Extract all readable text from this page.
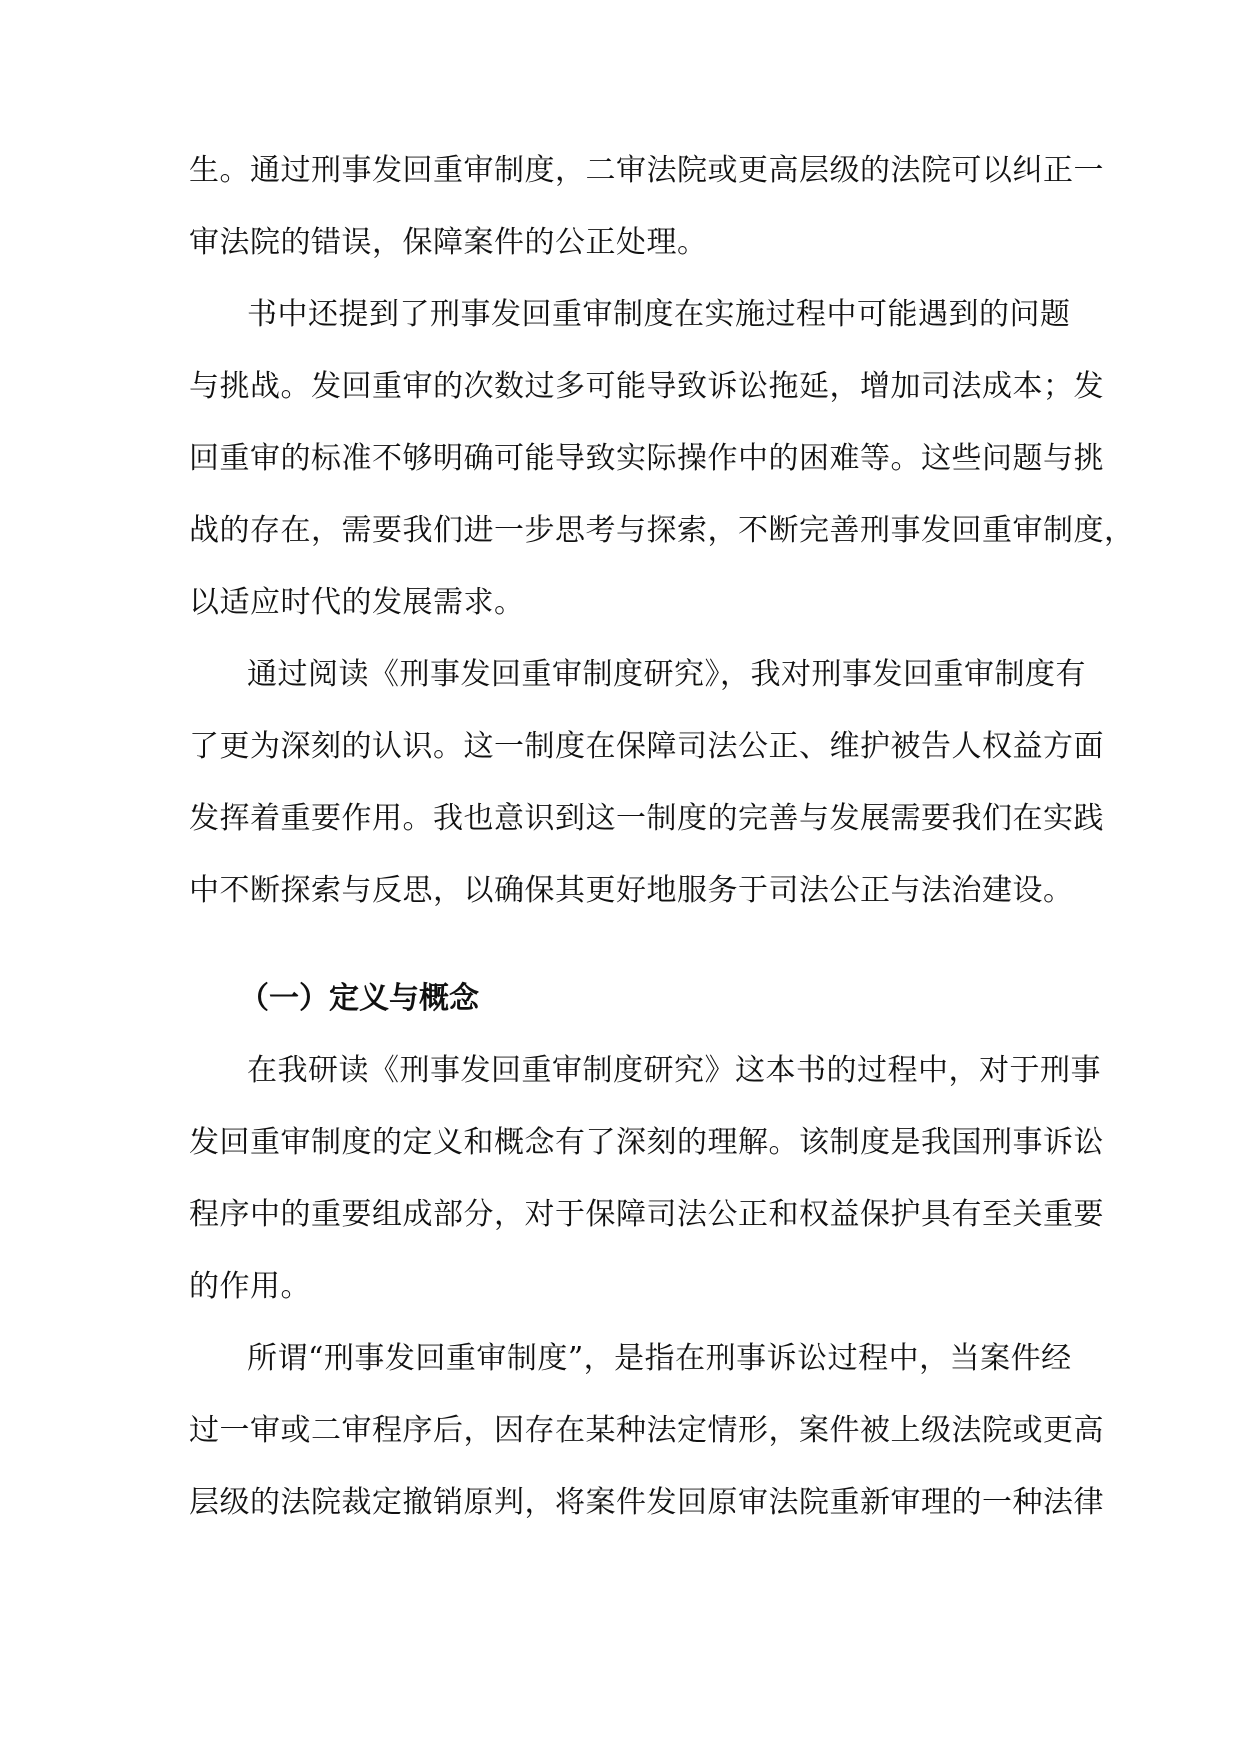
生。通过刑事发回重审制度，二审法院或更高层级的法院可以纠正一
审法院的错误，保障案件的公正处理。
书中还提到了刑事发回重审制度在实施过程中可能遇到的问题
与挑战。发回重审的次数过多可能导致诉讼拖延，增加司法成本；发
回重审的标准不够明确可能导致实际操作中的困难等。这些问题与挑
战的存在，需要我们进一步思考与探索，不断完善刑事发回重审制度，
以适应时代的发展需求。
通过阅读《刑事发回重审制度研究》，我对刑事发回重审制度有
了更为深刻的认识。这一制度在保障司法公正、维护被告人权益方面
发挥着重要作用。我也意识到这一制度的完善与发展需要我们在实践
中不断探索与反思，以确保其更好地服务于司法公正与法治建设。
（一）定义与概念
在我研读《刑事发回重审制度研究》这本书的过程中，对于刑事
发回重审制度的定义和概念有了深刻的理解。该制度是我国刑事诉讼
程序中的重要组成部分，对于保障司法公正和权益保护具有至关重要
的作用。
所谓“刑事发回重审制度”，是指在刑事诉讼过程中，当案件经
过一审或二审程序后，因存在某种法定情形，案件被上级法院或更高
层级的法院裁定撤销原判，将案件发回原审法院重新审理的一种法律
